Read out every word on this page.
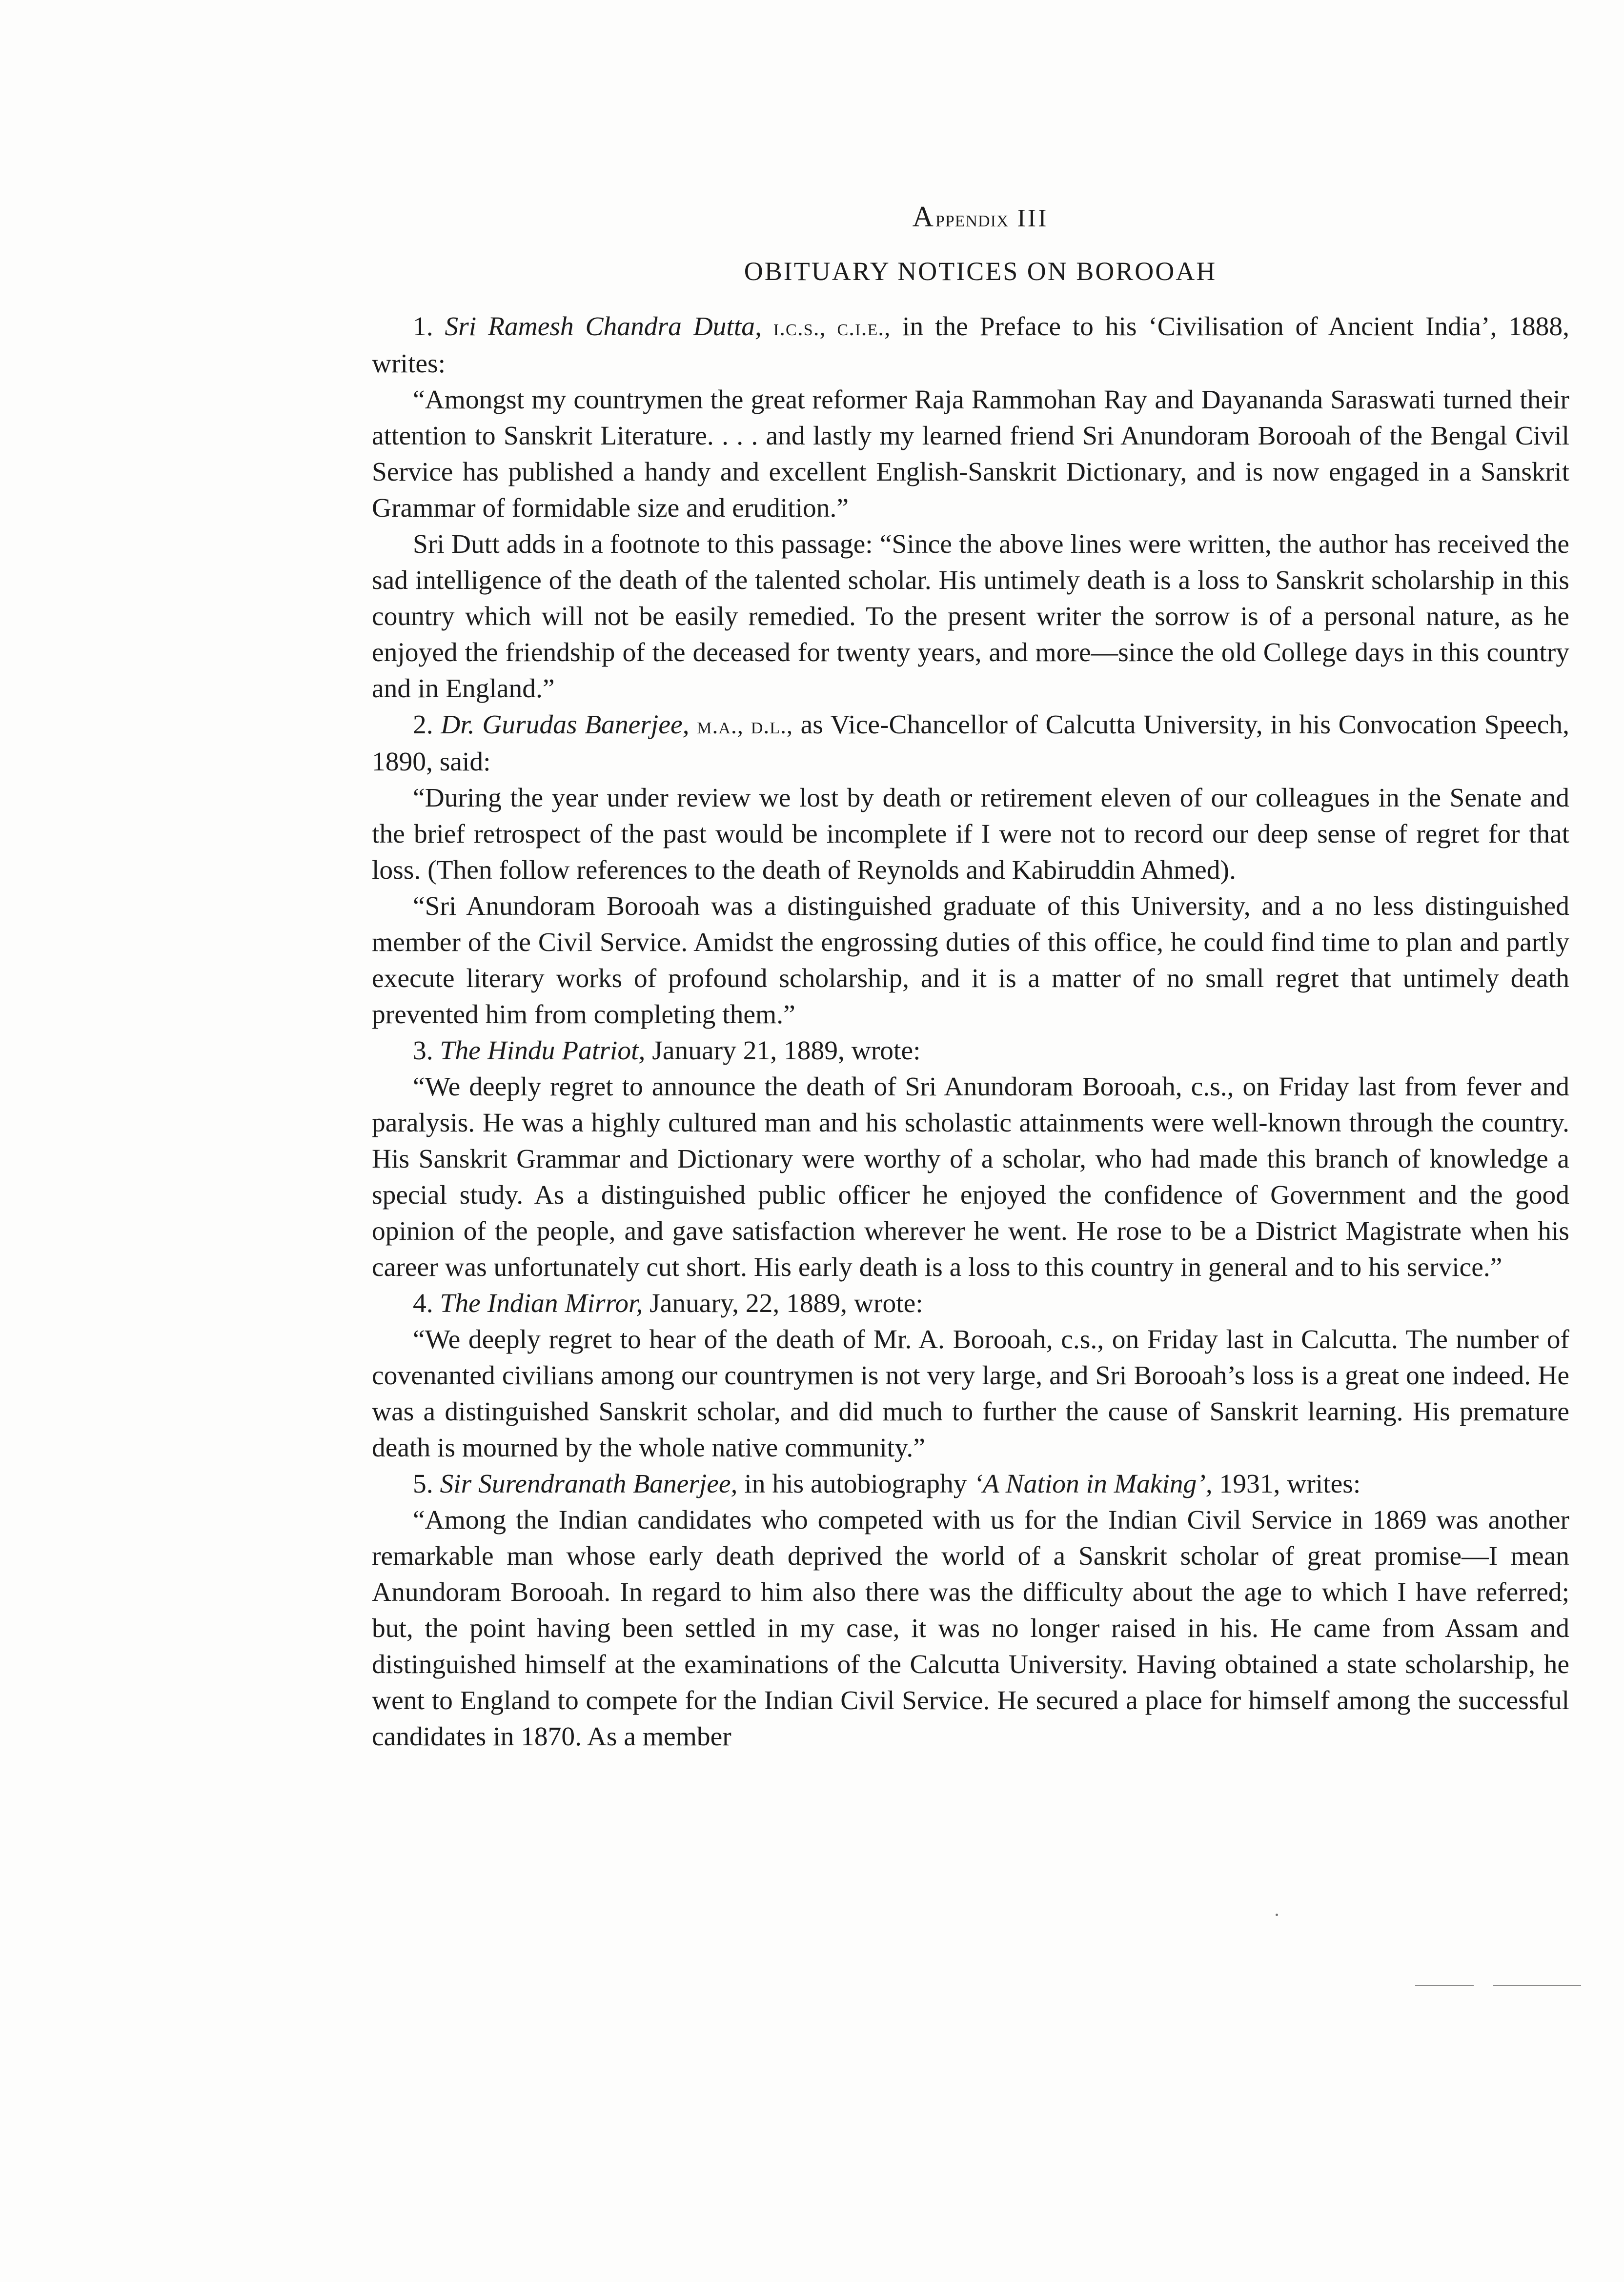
Appendix III
OBITUARY NOTICES ON BOROOAH

1. Sri Ramesh Chandra Dutta, i.c.s., c.i.e., in the Preface to his ‘Civilisation of Ancient India’, 1888, writes:

“Amongst my countrymen the great reformer Raja Rammohan Ray and Dayananda Saraswati turned their attention to Sanskrit Literature. . . . and lastly my learned friend Sri Anundoram Borooah of the Bengal Civil Service has published a handy and excellent English-Sanskrit Dictionary, and is now engaged in a Sanskrit Grammar of formidable size and erudition.”

Sri Dutt adds in a footnote to this passage: “Since the above lines were written, the author has received the sad intelligence of the death of the talented scholar. His untimely death is a loss to Sanskrit scholarship in this country which will not be easily remedied. To the present writer the sorrow is of a personal nature, as he enjoyed the friendship of the deceased for twenty years, and more—since the old College days in this country and in England.”

2. Dr. Gurudas Banerjee, m.a., d.l., as Vice-Chancellor of Calcutta University, in his Convocation Speech, 1890, said:

“During the year under review we lost by death or retirement eleven of our colleagues in the Senate and the brief retrospect of the past would be incomplete if I were not to record our deep sense of regret for that loss. (Then follow references to the death of Reynolds and Kabiruddin Ahmed).

“Sri Anundoram Borooah was a distinguished graduate of this University, and a no less distinguished member of the Civil Service. Amidst the engrossing duties of this office, he could find time to plan and partly execute literary works of profound scholarship, and it is a matter of no small regret that untimely death prevented him from completing them.”

3. The Hindu Patriot, January 21, 1889, wrote:

“We deeply regret to announce the death of Sri Anundoram Borooah, c.s., on Friday last from fever and paralysis. He was a highly cultured man and his scholastic attainments were well-known through the country. His Sanskrit Grammar and Dictionary were worthy of a scholar, who had made this branch of knowledge a special study. As a distinguished public officer he enjoyed the confidence of Government and the good opinion of the people, and gave satisfaction wherever he went. He rose to be a District Magistrate when his career was unfortunately cut short. His early death is a loss to this country in general and to his service.”

4. The Indian Mirror, January, 22, 1889, wrote:

“We deeply regret to hear of the death of Mr. A. Borooah, c.s., on Friday last in Calcutta. The number of covenanted civilians among our countrymen is not very large, and Sri Borooah’s loss is a great one indeed. He was a distinguished Sanskrit scholar, and did much to further the cause of Sanskrit learning. His premature death is mourned by the whole native community.”

5. Sir Surendranath Banerjee, in his autobiography ‘A Nation in Making’, 1931, writes:

“Among the Indian candidates who competed with us for the Indian Civil Service in 1869 was another remarkable man whose early death deprived the world of a Sanskrit scholar of great promise—I mean Anundoram Borooah. In regard to him also there was the difficulty about the age to which I have referred; but, the point having been settled in my case, it was no longer raised in his. He came from Assam and distinguished himself at the examinations of the Calcutta University. Having obtained a state scholarship, he went to England to compete for the Indian Civil Service. He secured a place for himself among the successful candidates in 1870. As a member
